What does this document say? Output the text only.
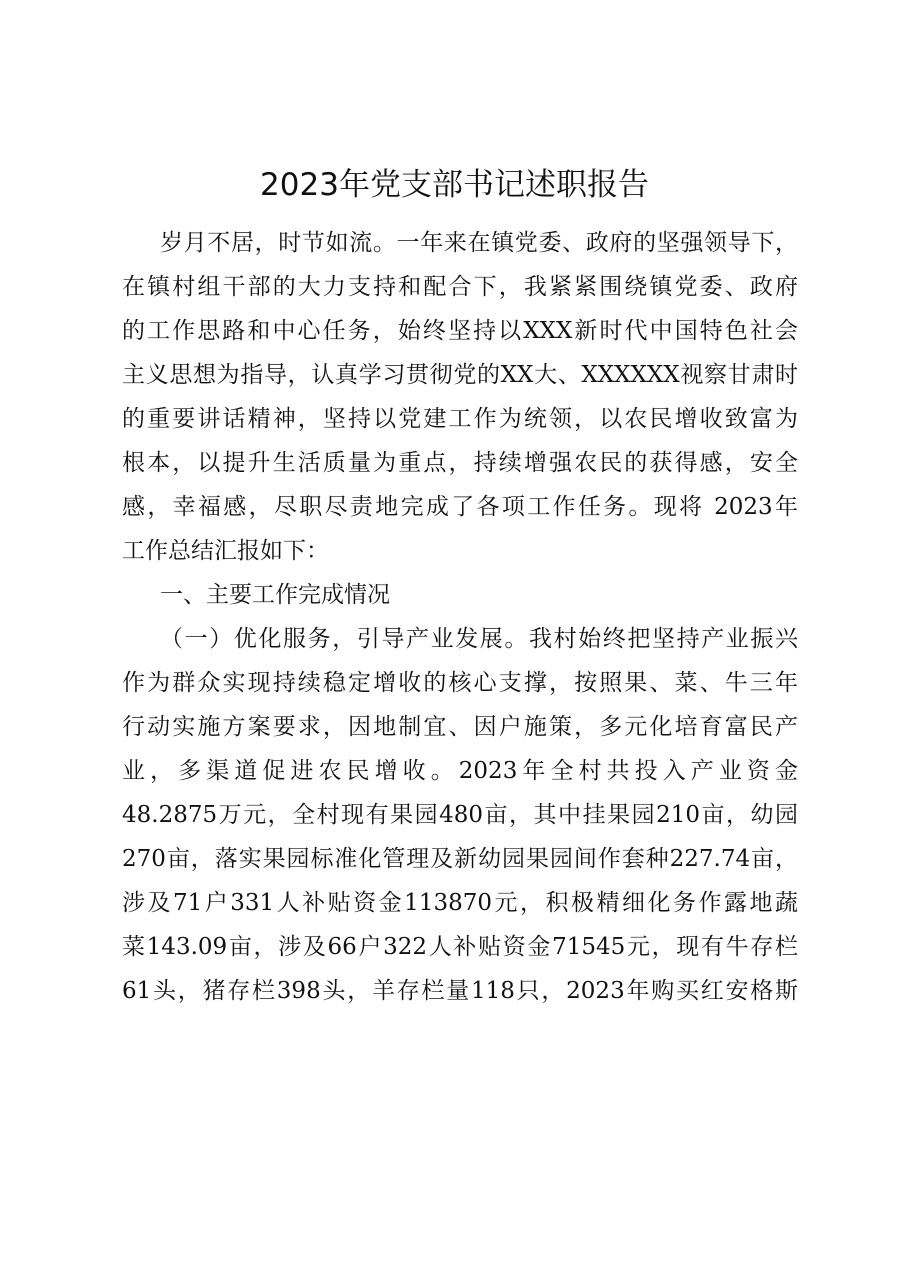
2023年党支部书记述职报告
岁月不居，时节如流。一年来在镇党委、政府的坚强领导下，
在镇村组干部的大力支持和配合下，我紧紧围绕镇党委、政府
的工作思路和中心任务，始终坚持以XXX新时代中国特色社会
主义思想为指导，认真学习贯彻党的XX大、XXXXXX视察甘肃时
的重要讲话精神，坚持以党建工作为统领，以农民增收致富为
根本，以提升生活质量为重点，持续增强农民的获得感，安全
感，幸福感，尽职尽责地完成了各项工作任务。现将 2023年
工作总结汇报如下：
一、主要工作完成情况
（一）优化服务，引导产业发展。我村始终把坚持产业振兴
作为群众实现持续稳定增收的核心支撑，按照果、菜、牛三年
行动实施方案要求，因地制宜、因户施策，多元化培育富民产
业，多渠道促进农民增收。2023年全村共投入产业资金
48.2875万元，全村现有果园480亩，其中挂果园210亩，幼园
270亩，落实果园标准化管理及新幼园果园间作套种227.74亩，
涉及71户331人补贴资金113870元，积极精细化务作露地蔬
菜143.09亩，涉及66户322人补贴资金71545元，现有牛存栏
61头，猪存栏398头，羊存栏量118只，2023年购买红安格斯
